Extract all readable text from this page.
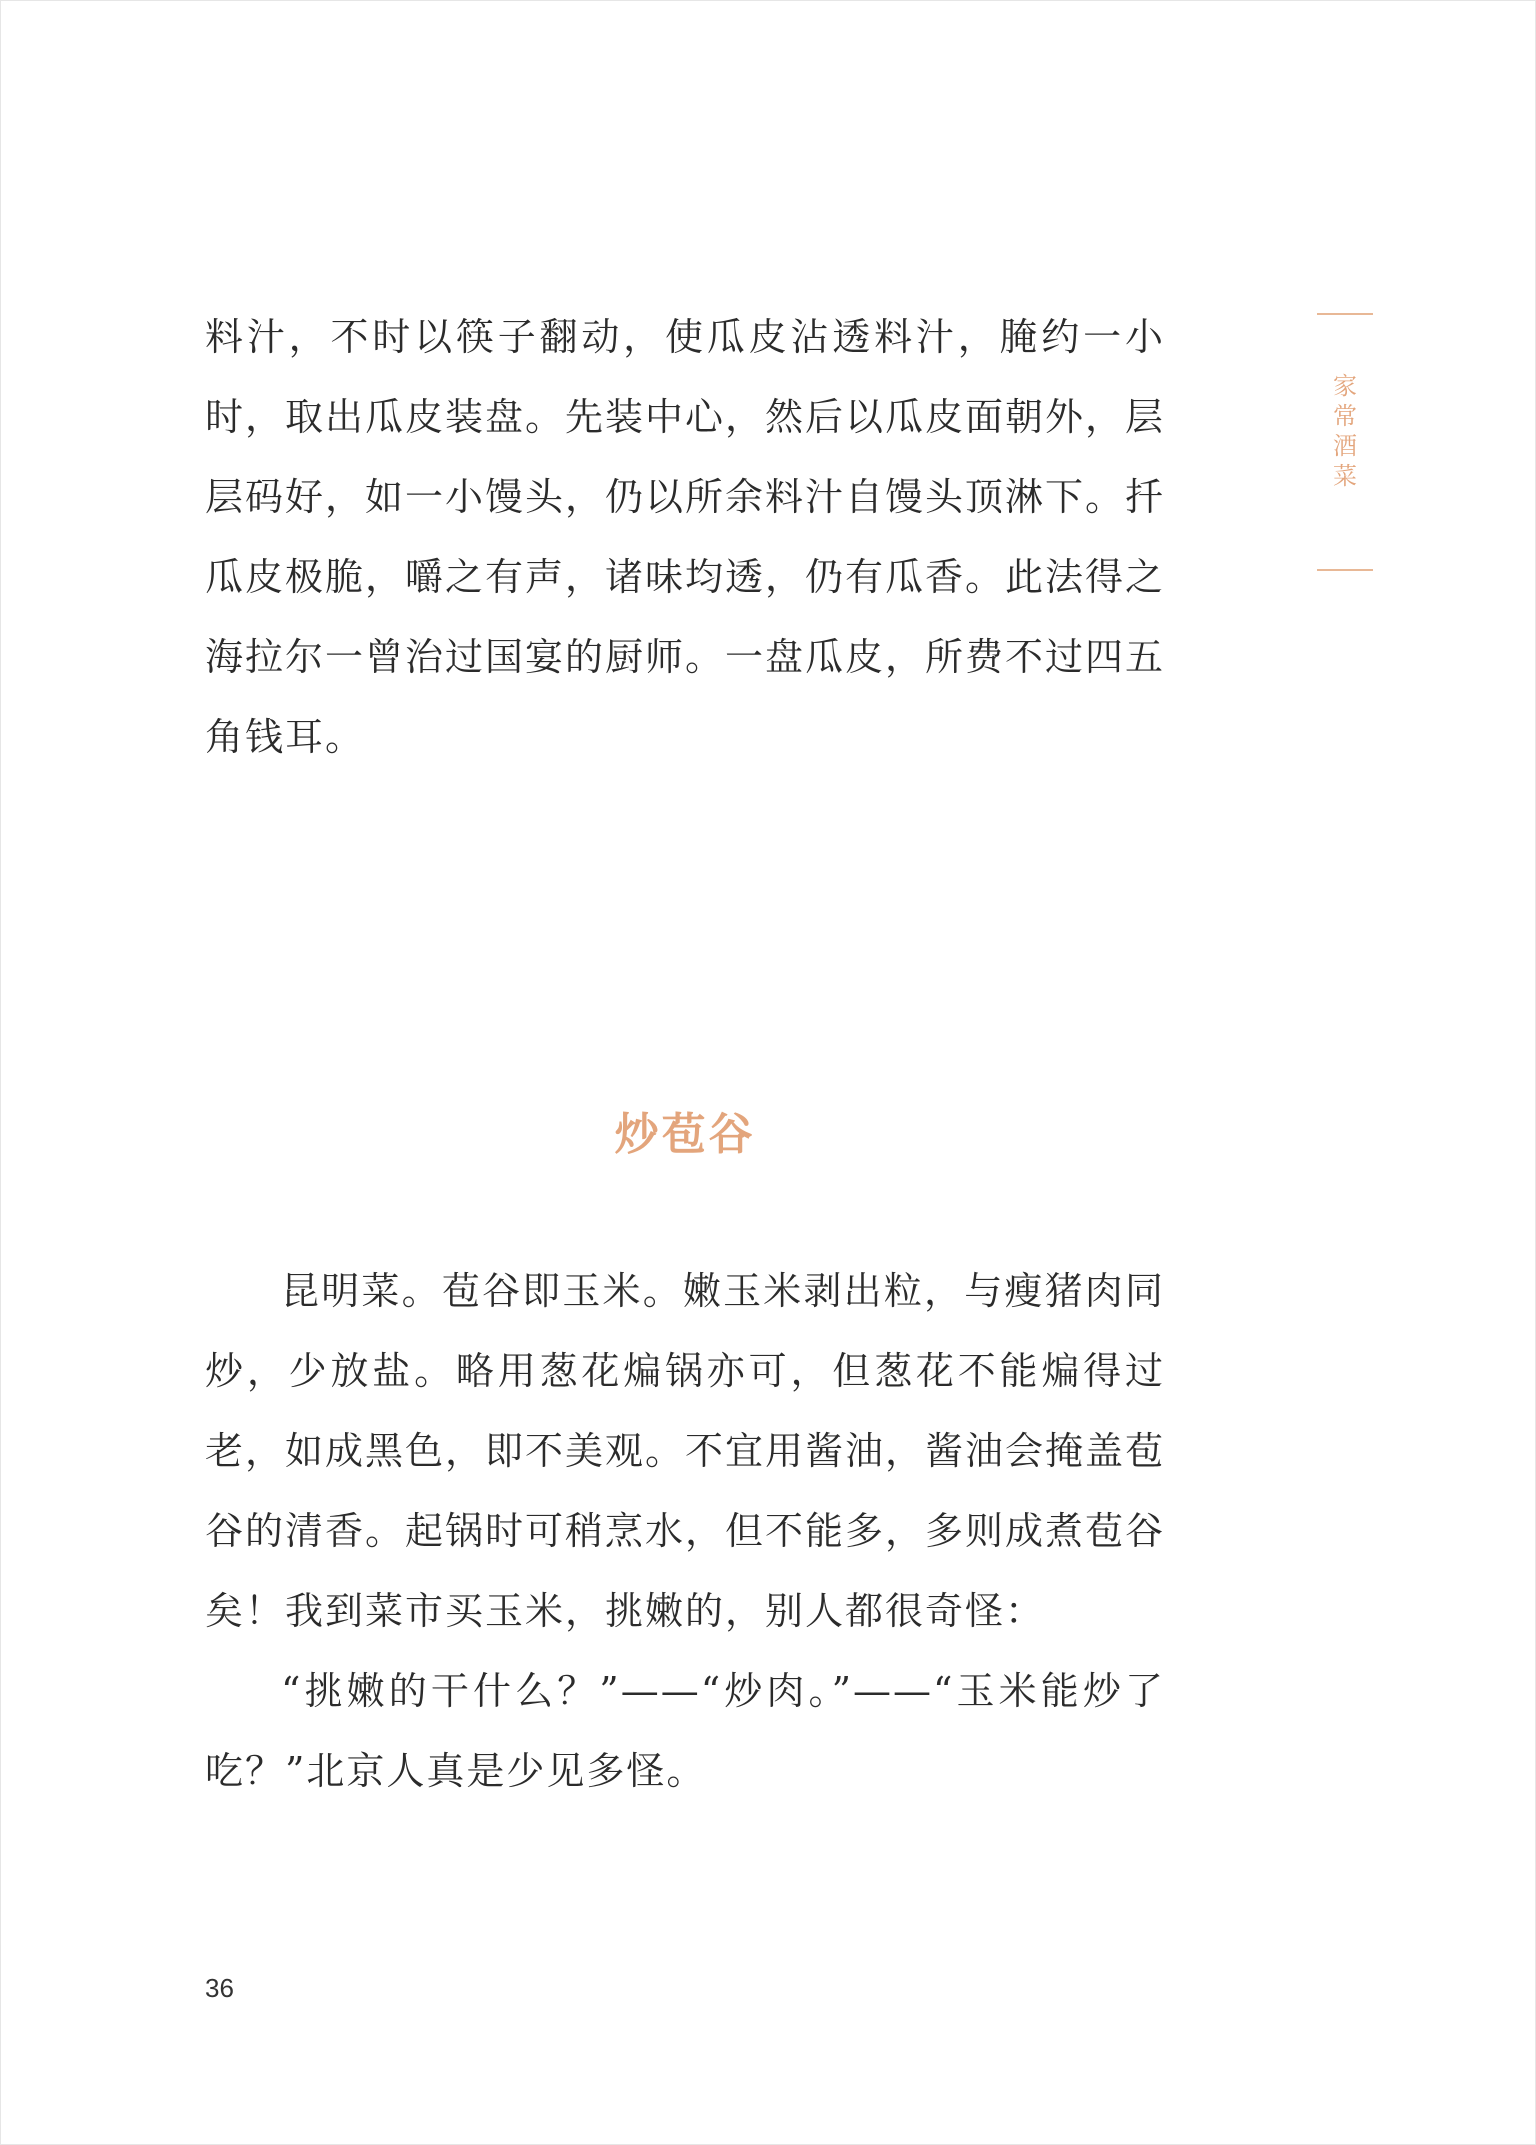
家
常
酒
菜

料汁，不时以筷子翻动，使瓜皮沾透料汁，腌约一小时，取出瓜皮装盘。先装中心，然后以瓜皮面朝外，层层码好，如一小馒头，仍以所余料汁自馒头顶淋下。扦瓜皮极脆，嚼之有声，诸味均透，仍有瓜香。此法得之海拉尔一曾治过国宴的厨师。一盘瓜皮，所费不过四五角钱耳。

炒苞谷

昆明菜。苞谷即玉米。嫩玉米剥出粒，与瘦猪肉同炒，少放盐。略用葱花煸锅亦可，但葱花不能煸得过老，如成黑色，即不美观。不宜用酱油，酱油会掩盖苞谷的清香。起锅时可稍烹水，但不能多，多则成煮苞谷矣！我到菜市买玉米，挑嫩的，别人都很奇怪：

“挑嫩的干什么？”——“炒肉。”——“玉米能炒了吃？”北京人真是少见多怪。

36
